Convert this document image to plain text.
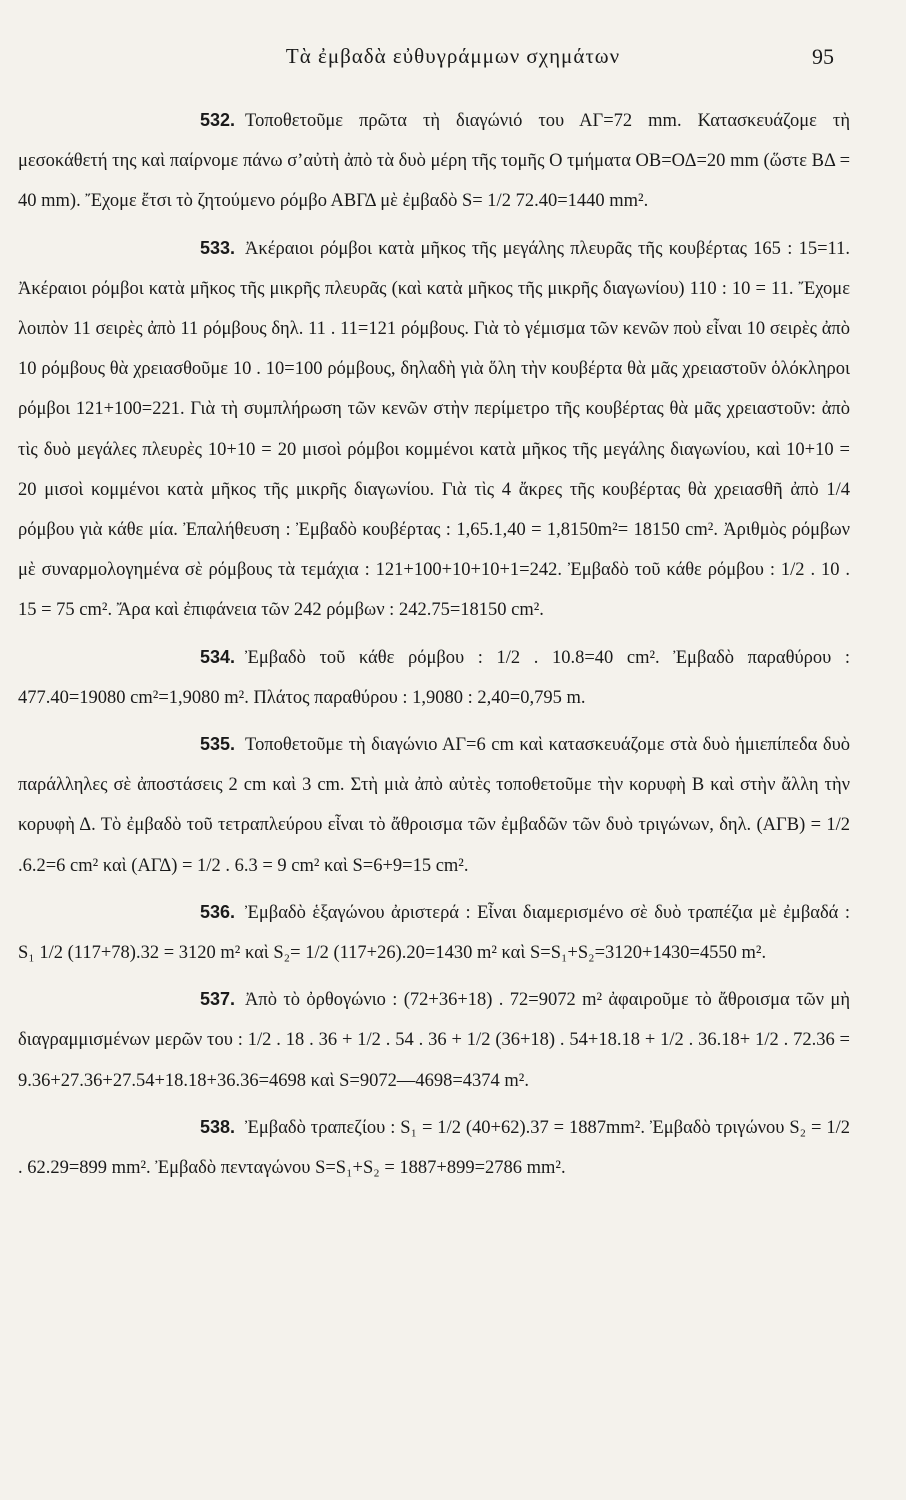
Τὰ ἐμβαδὰ εὐθυγράμμων σχημάτων	95

532. Τοποθετοῦμε πρῶτα τὴ διαγώνιό του ΑΓ=72 mm. Κατασκευάζομε τὴ μεσοκάθετή της καὶ παίρνομε πάνω σ’αὐτὴ ἀπὸ τὰ δυὸ μέρη τῆς τομῆς Ο τμήματα ΟΒ=ΟΔ=20 mm (ὥστε ΒΔ = 40 mm). Ἔχομε ἔτσι τὸ ζητούμενο ρόμβο ΑΒΓΔ μὲ ἐμβαδὸ S= 1/2 72.40=1440 mm².

533. Ἀκέραιοι ρόμβοι κατὰ μῆκος τῆς μεγάλης πλευρᾶς τῆς κουβέρτας 165 : 15=11. Ἀκέραιοι ρόμβοι κατὰ μῆκος τῆς μικρῆς πλευρᾶς (καὶ κατὰ μῆκος τῆς μικρῆς διαγωνίου) 110 : 10 = 11. Ἔχομε λοιπὸν 11 σειρὲς ἀπὸ 11 ρόμβους δηλ. 11 . 11=121 ρόμβους. Γιὰ τὸ γέμισμα τῶν κενῶν ποὺ εἶναι 10 σειρὲς ἀπὸ 10 ρόμβους θὰ χρειασθοῦμε 10 . 10=100 ρόμβους, δηλαδὴ γιὰ ὅλη τὴν κουβέρτα θὰ μᾶς χρειαστοῦν ὁλόκληροι ρόμβοι 121+100=221. Γιὰ τὴ συμπλήρωση τῶν κενῶν στὴν περίμετρο τῆς κουβέρτας θὰ μᾶς χρειαστοῦν: ἀπὸ τὶς δυὸ μεγάλες πλευρὲς 10+10 = 20 μισοὶ ρόμβοι κομμένοι κατὰ μῆκος τῆς μεγάλης διαγωνίου, καὶ 10+10 = 20 μισοὶ κομμένοι κατὰ μῆκος τῆς μικρῆς διαγωνίου. Γιὰ τὶς 4 ἄκρες τῆς κουβέρτας θὰ χρειασθῆ ἀπὸ 1/4 ρόμβου γιὰ κάθε μία. Ἐπαλήθευση : Ἐμβαδὸ κουβέρτας : 1,65.1,40 = 1,8150m²= 18150 cm². Ἀριθμὸς ρόμβων μὲ συναρμολογημένα σὲ ρόμβους τὰ τεμάχια : 121+100+10+10+1=242. Ἐμβαδὸ τοῦ κάθε ρόμβου : 1/2 . 10 . 15 = 75 cm². Ἄρα καὶ ἐπιφάνεια τῶν 242 ρόμβων : 242.75=18150 cm².

534. Ἐμβαδὸ τοῦ κάθε ρόμβου : 1/2 . 10.8=40 cm². Ἐμβαδὸ παραθύρου : 477.40=19080 cm²=1,9080 m². Πλάτος παραθύρου : 1,9080 : 2,40=0,795 m.

535. Τοποθετοῦμε τὴ διαγώνιο ΑΓ=6 cm καὶ κατασκευάζομε στὰ δυὸ ἡμιεπίπεδα δυὸ παράλληλες σὲ ἀποστάσεις 2 cm καὶ 3 cm. Στὴ μιὰ ἀπὸ αὐτὲς τοποθετοῦμε τὴν κορυφὴ Β καὶ στὴν ἄλλη τὴν κορυφὴ Δ. Τὸ ἐμβαδὸ τοῦ τετραπλεύρου εἶναι τὸ ἄθροισμα τῶν ἐμβαδῶν τῶν δυὸ τριγώνων, δηλ. (ΑΓΒ) = 1/2 .6.2=6 cm² καὶ (ΑΓΔ) = 1/2 . 6.3 = 9 cm² καὶ S=6+9=15 cm².

536. Ἐμβαδὸ ἑξαγώνου ἀριστερά : Εἶναι διαμερισμένο σὲ δυὸ τραπέζια μὲ ἐμβαδά : S₁ 1/2 (117+78).32 = 3120 m² καὶ S₂= 1/2 (117+26).20=1430 m² καὶ S=S₁+S₂=3120+1430=4550 m².

537. Ἀπὸ τὸ ὀρθογώνιο : (72+36+18) . 72=9072 m² ἀφαιροῦμε τὸ ἄθροισμα τῶν μὴ διαγραμμισμένων μερῶν του : 1/2 . 18 . 36 + 1/2 . 54 . 36 + 1/2 (36+18) . 54+18.18 + 1/2 . 36.18+ 1/2 . 72.36 = 9.36+27.36+27.54+18.18+36.36=4698 καὶ S=9072—4698=4374 m².

538. Ἐμβαδὸ τραπεζίου : S₁ = 1/2 (40+62).37 = 1887mm². Ἐμβαδὸ τριγώνου S₂ = 1/2 . 62.29=899 mm². Ἐμβαδὸ πενταγώνου S=S₁+S₂ = 1887+899=2786 mm².
